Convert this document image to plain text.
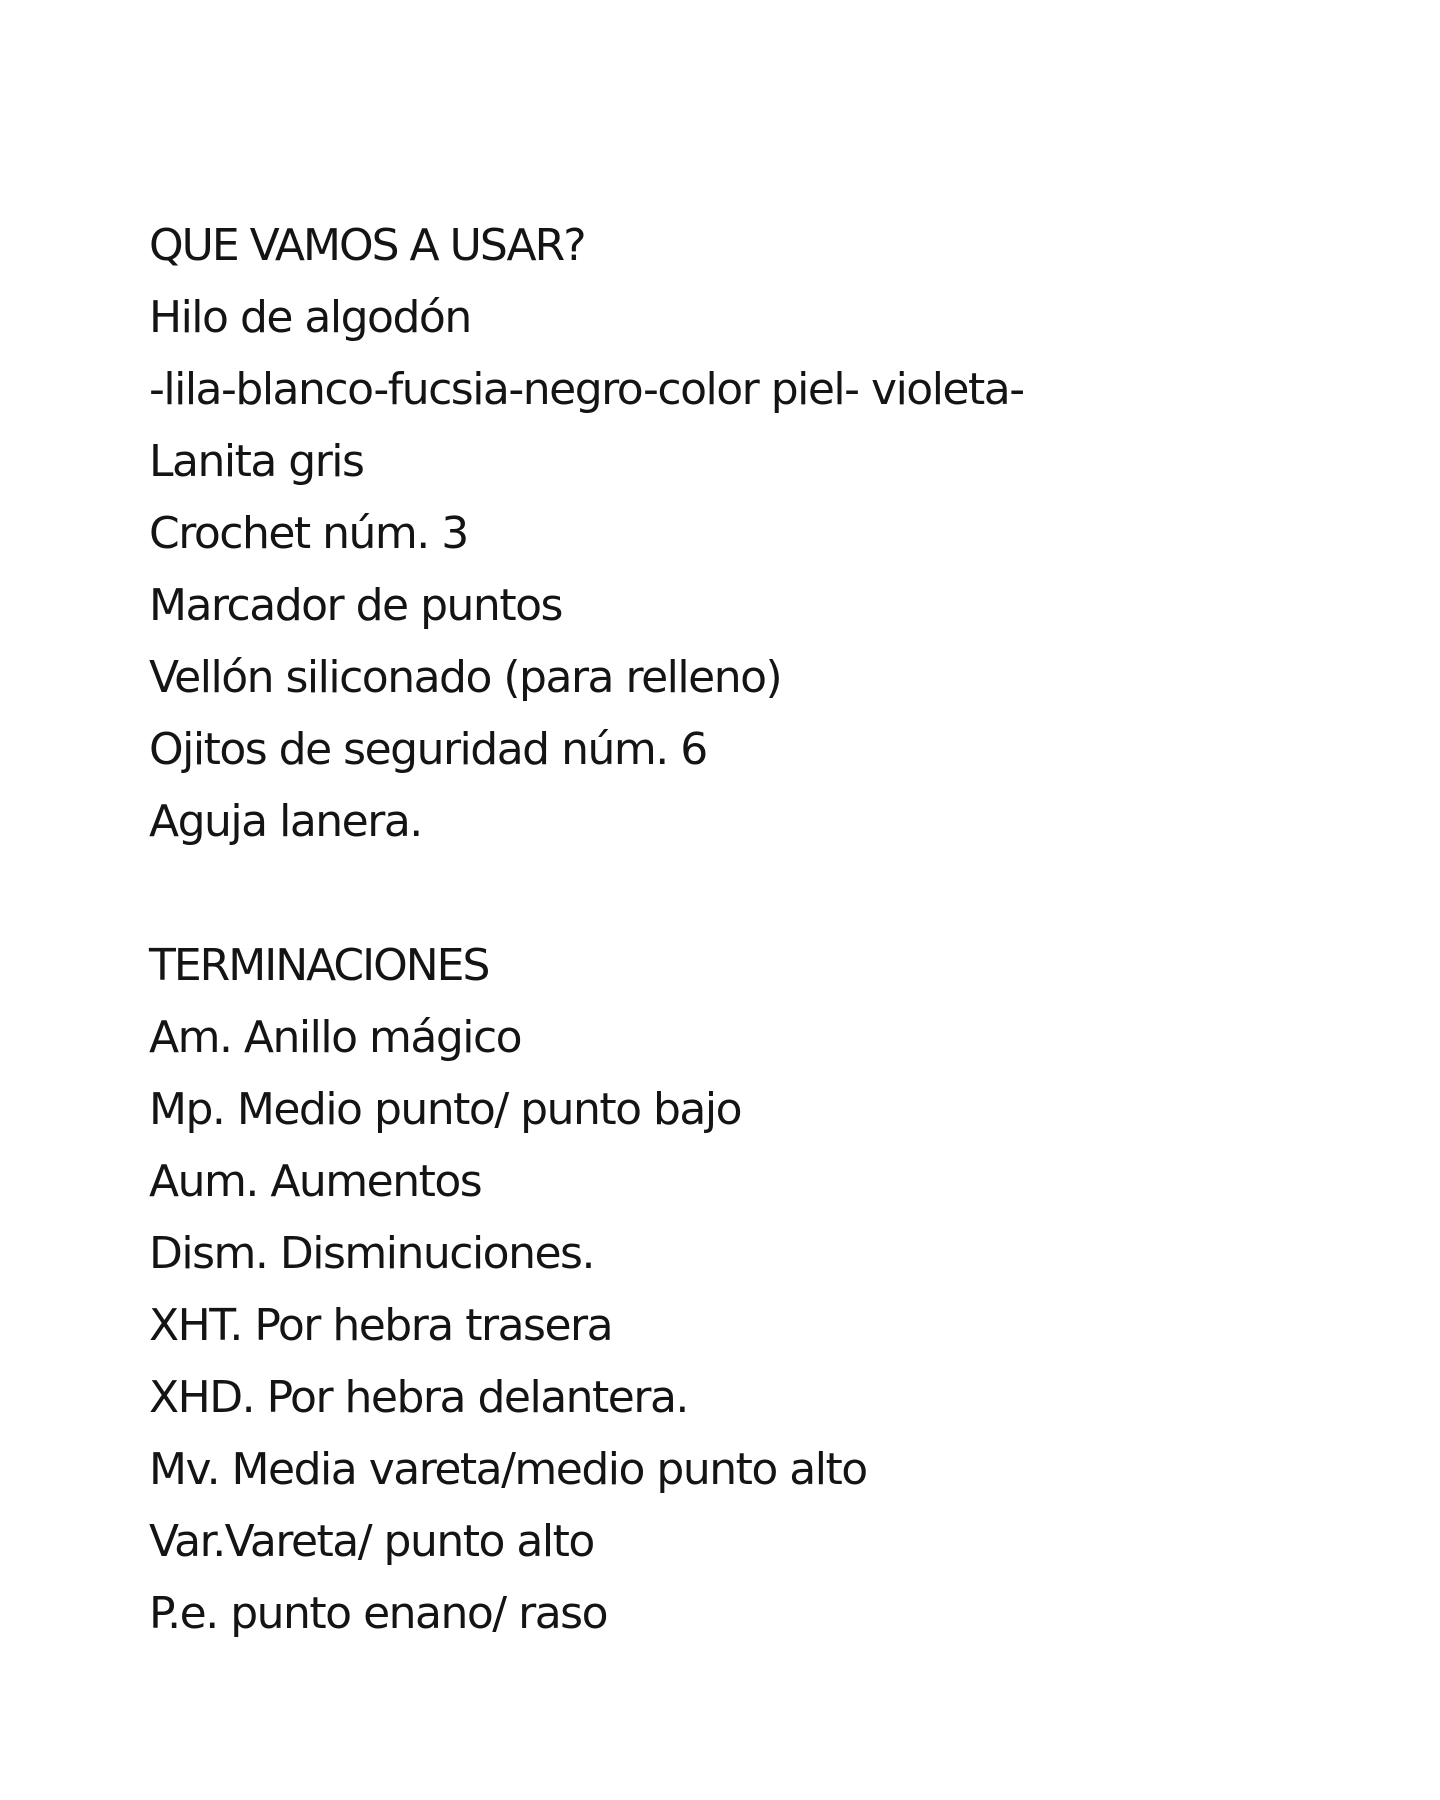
QUE VAMOS A USAR?
Hilo de algodón
-lila-blanco-fucsia-negro-color piel- violeta-
Lanita gris
Crochet núm. 3
Marcador de puntos
Vellón siliconado (para relleno)
Ojitos de seguridad núm. 6
Aguja lanera.
TERMINACIONES
Am. Anillo mágico
Mp. Medio punto/ punto bajo
Aum. Aumentos
Dism. Disminuciones.
XHT. Por hebra trasera
XHD. Por hebra delantera.
Mv. Media vareta/medio punto alto
Var.Vareta/ punto alto
P.e. punto enano/ raso
